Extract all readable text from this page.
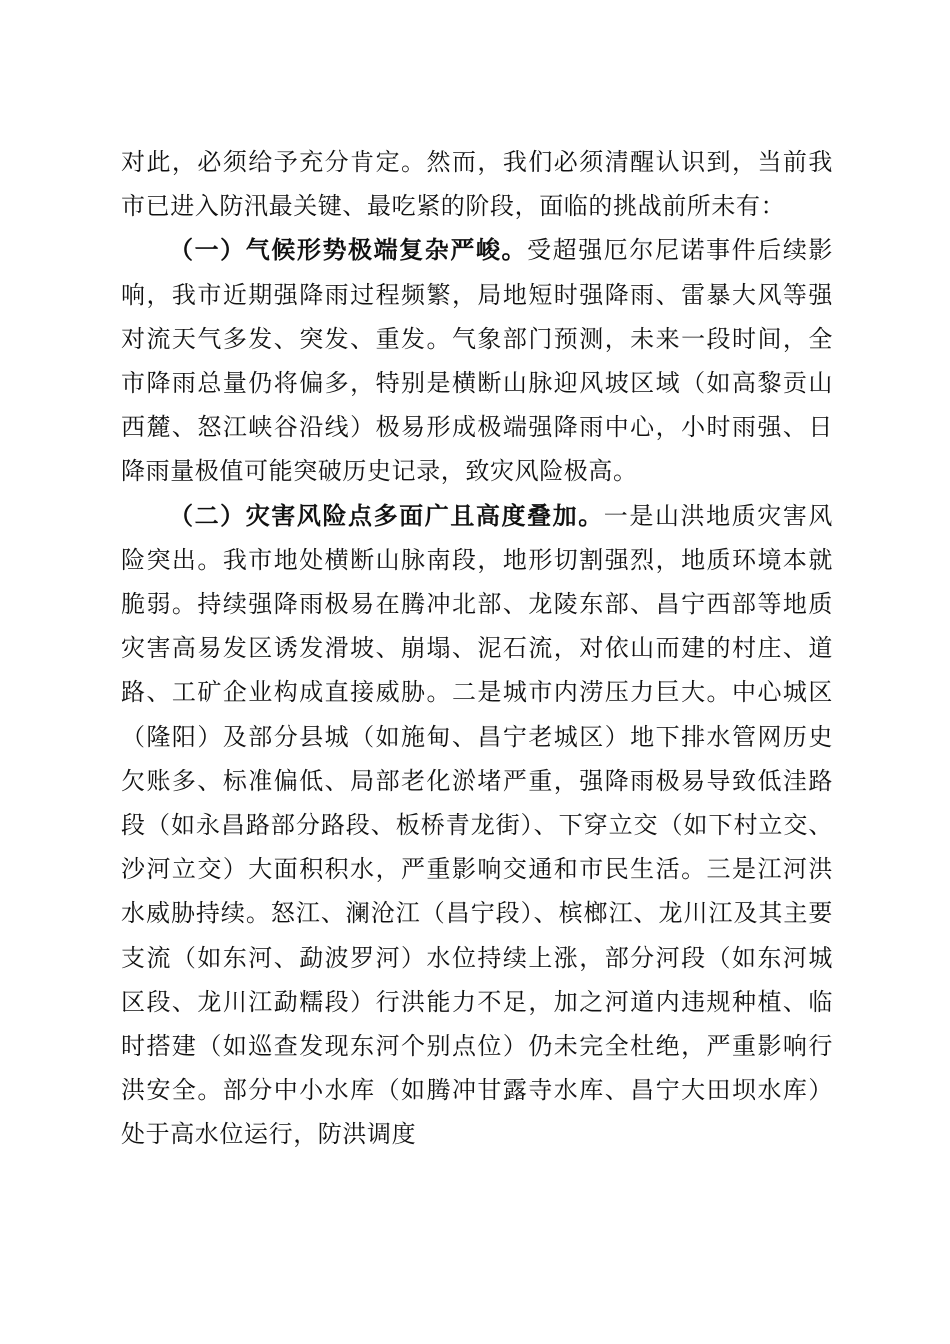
对此，必须给予充分肯定。然而，我们必须清醒认识到，当前我市已进入防汛最关键、最吃紧的阶段，面临的挑战前所未有：

（一）气候形势极端复杂严峻。受超强厄尔尼诺事件后续影响，我市近期强降雨过程频繁，局地短时强降雨、雷暴大风等强对流天气多发、突发、重发。气象部门预测，未来一段时间，全市降雨总量仍将偏多，特别是横断山脉迎风坡区域（如高黎贡山西麓、怒江峡谷沿线）极易形成极端强降雨中心，小时雨强、日降雨量极值可能突破历史记录，致灾风险极高。

（二）灾害风险点多面广且高度叠加。一是山洪地质灾害风险突出。我市地处横断山脉南段，地形切割强烈，地质环境本就脆弱。持续强降雨极易在腾冲北部、龙陵东部、昌宁西部等地质灾害高易发区诱发滑坡、崩塌、泥石流，对依山而建的村庄、道路、工矿企业构成直接威胁。二是城市内涝压力巨大。中心城区（隆阳）及部分县城（如施甸、昌宁老城区）地下排水管网历史欠账多、标准偏低、局部老化淤堵严重，强降雨极易导致低洼路段（如永昌路部分路段、板桥青龙街）、下穿立交（如下村立交、沙河立交）大面积积水，严重影响交通和市民生活。三是江河洪水威胁持续。怒江、澜沧江（昌宁段）、槟榔江、龙川江及其主要支流（如东河、勐波罗河）水位持续上涨，部分河段（如东河城区段、龙川江勐糯段）行洪能力不足，加之河道内违规种植、临时搭建（如巡查发现东河个别点位）仍未完全杜绝，严重影响行洪安全。部分中小水库（如腾冲甘露寺水库、昌宁大田坝水库）处于高水位运行，防洪调度
